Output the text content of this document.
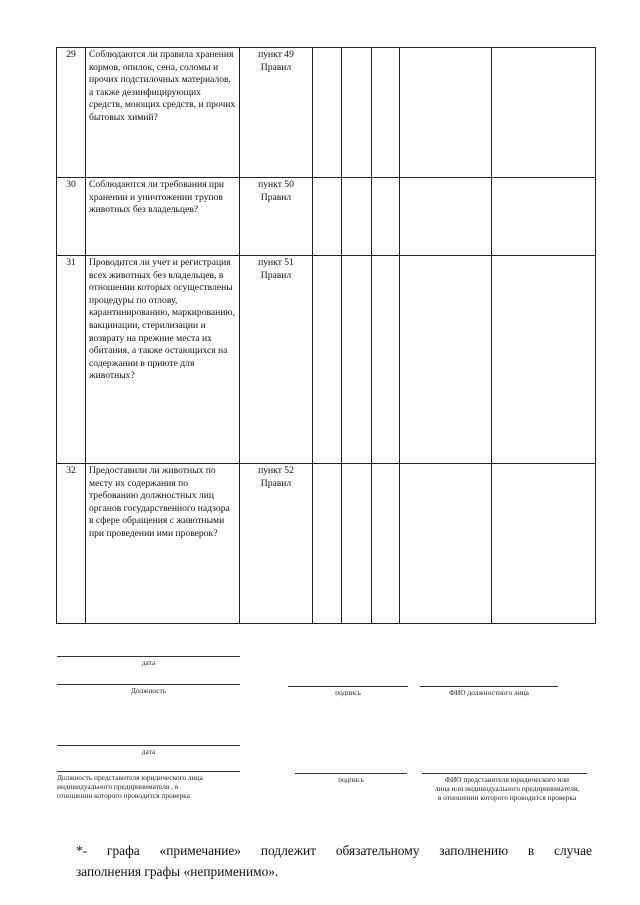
29	Соблюдаются ли правила хранения кормов, опилок, сена, соломы и прочих подстилочных материалов, а также дезинфицирующих средств, моющих средств, и прочих бытовых химий?	пункт 49 Правил					
30	Соблюдаются ли требования при хранении и уничтожении трупов животных без владельцев?	пункт 50 Правил					
31	Проводится ли учет и регистрация всех животных без владельцев, в отношении которых осуществлены процедуры по отлову, карантинированию, маркированию, вакцинации, стерилизации и возврату на прежние места их обитания, а также остающихся на содержании в приюте для животных?	пункт 51 Правил					
32	Предоставили ли животных по месту их содержания по требованию должностных лиц органов государственного надзора в сфере обращения с животными при проведении ими проверок?	пункт 52 Правил					
дата
Должность	подпись	ФИО должностного лица
дата
Должность представителя юридического лица
индивидуального предпринимателя , в
отношении которого проводится проверка
подпись	ФИО представителя юридического или
лица или индивидуального предпринимателя,
в отношении которого проводится проверка
*- графа «примечание» подлежит обязательному заполнению в случае
заполнения графы «неприменимо».
